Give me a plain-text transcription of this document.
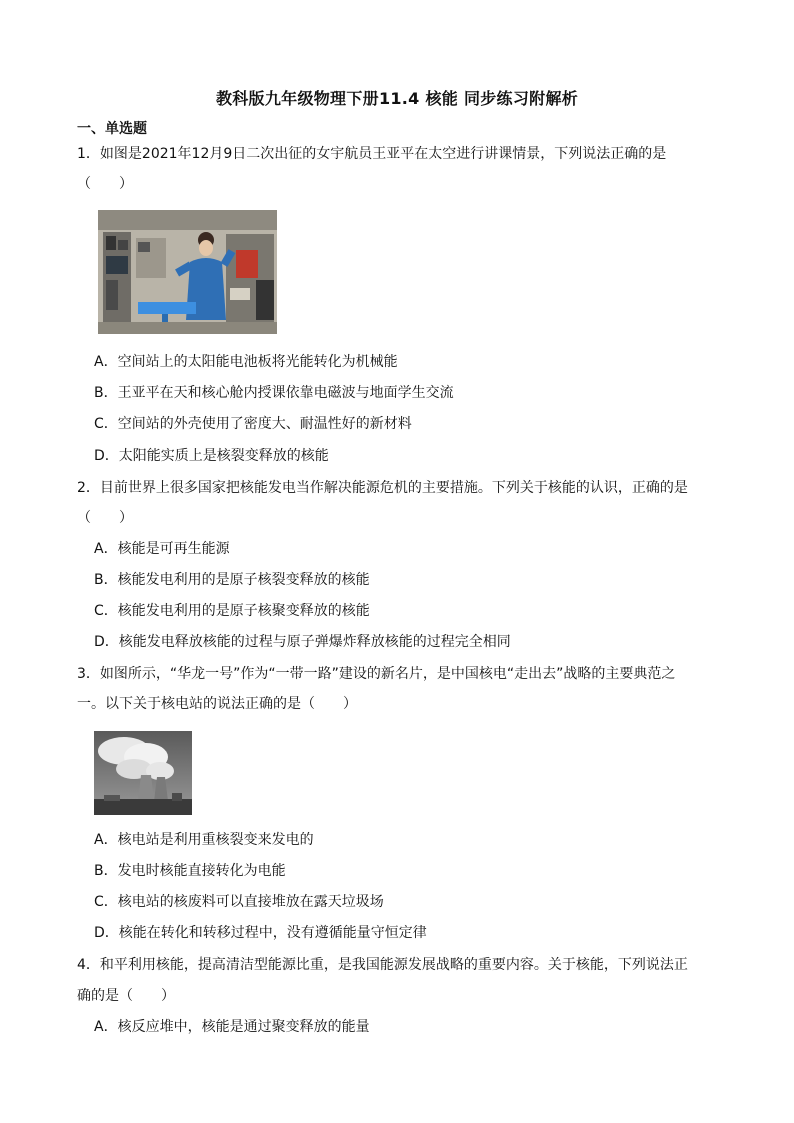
教科版九年级物理下册11.4 核能 同步练习附解析
一、单选题
1．如图是2021年12月9日二次出征的女宇航员王亚平在太空进行讲课情景，下列说法正确的是
（　　）
A．空间站上的太阳能电池板将光能转化为机械能
B．王亚平在天和核心舱内授课依靠电磁波与地面学生交流
C．空间站的外壳使用了密度大、耐温性好的新材料
D．太阳能实质上是核裂变释放的核能
2．目前世界上很多国家把核能发电当作解决能源危机的主要措施。下列关于核能的认识，正确的是
（　　）
A．核能是可再生能源
B．核能发电利用的是原子核裂变释放的核能
C．核能发电利用的是原子核聚变释放的核能
D．核能发电释放核能的过程与原子弹爆炸释放核能的过程完全相同
3．如图所示，“华龙一号”作为“一带一路”建设的新名片，是中国核电“走出去”战略的主要典范之
一。以下关于核电站的说法正确的是（　　）
A．核电站是利用重核裂变来发电的
B．发电时核能直接转化为电能
C．核电站的核废料可以直接堆放在露天垃圾场
D．核能在转化和转移过程中，没有遵循能量守恒定律
4．和平利用核能，提高清洁型能源比重，是我国能源发展战略的重要内容。关于核能，下列说法正
确的是（　　）
A．核反应堆中，核能是通过聚变释放的能量
